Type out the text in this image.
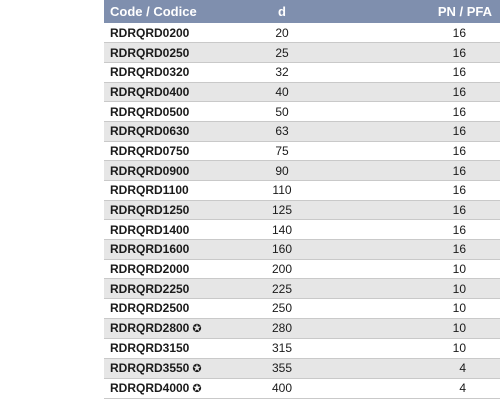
Code / Codice	d	PN / PFA
RDRQRD0200	20	16
RDRQRD0250	25	16
RDRQRD0320	32	16
RDRQRD0400	40	16
RDRQRD0500	50	16
RDRQRD0630	63	16
RDRQRD0750	75	16
RDRQRD0900	90	16
RDRQRD1100	110	16
RDRQRD1250	125	16
RDRQRD1400	140	16
RDRQRD1600	160	16
RDRQRD2000	200	10
RDRQRD2250	225	10
RDRQRD2500	250	10
RDRQRD2800 ✪	280	10
RDRQRD3150	315	10
RDRQRD3550 ✪	355	4
RDRQRD4000 ✪	400	4
